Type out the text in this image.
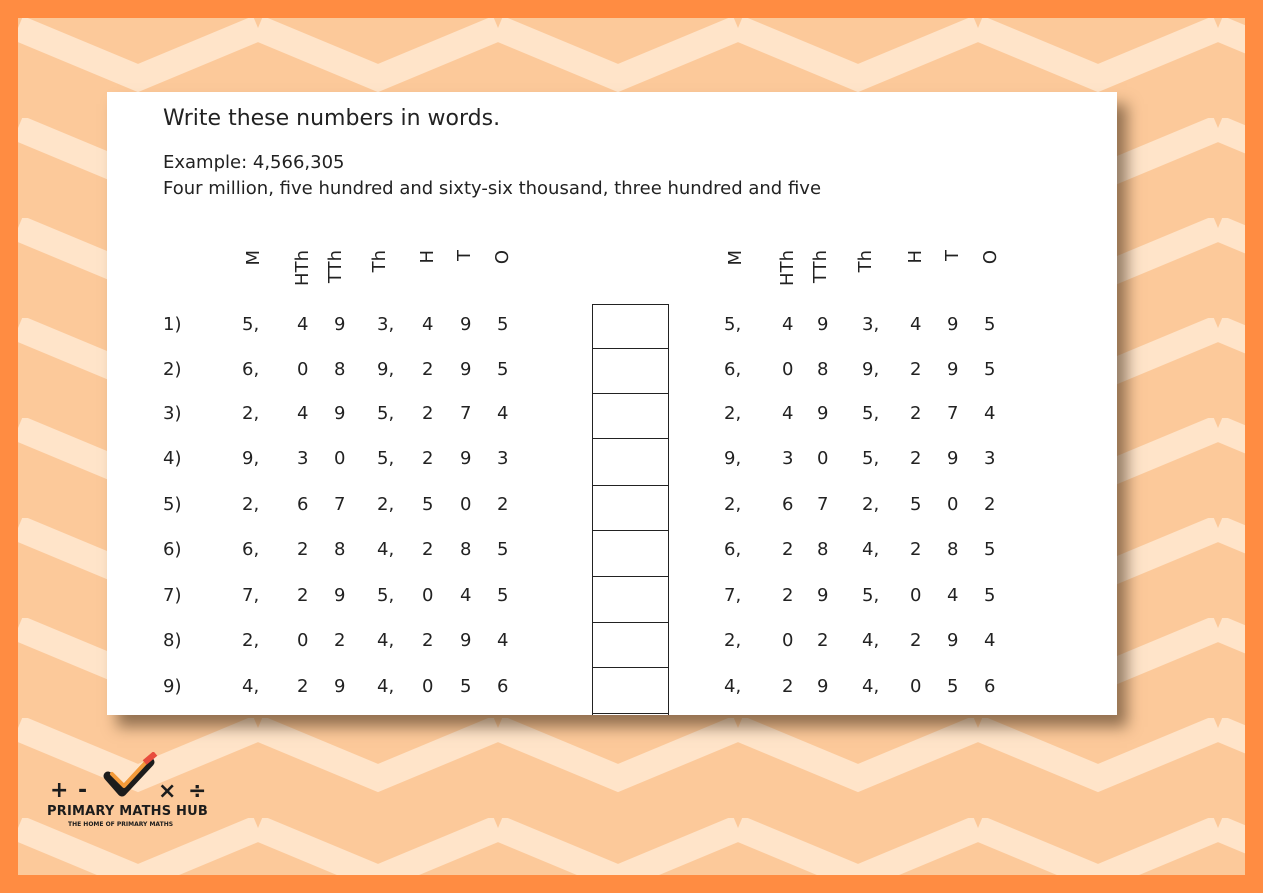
Write these numbers in words.
Example: 4,566,305
Four million, five hundred and sixty-six thousand, three hundred and five
M HTh TTh Th H T O	M HTh TTh Th H T O
1)	5, 4 9 3, 4 9 5	5, 4 9 3, 4 9 5
2)	6, 0 8 9, 2 9 5	6, 0 8 9, 2 9 5
3)	2, 4 9 5, 2 7 4	2, 4 9 5, 2 7 4
4)	9, 3 0 5, 2 9 3	9, 3 0 5, 2 9 3
5)	2, 6 7 2, 5 0 2	2, 6 7 2, 5 0 2
6)	6, 2 8 4, 2 8 5	6, 2 8 4, 2 8 5
7)	7, 2 9 5, 0 4 5	7, 2 9 5, 0 4 5
8)	2, 0 2 4, 2 9 4	2, 0 2 4, 2 9 4
9)	4, 2 9 4, 0 5 6	4, 2 9 4, 0 5 6
+ -	× ÷
PRIMARY MATHS HUB
THE HOME OF PRIMARY MATHS
